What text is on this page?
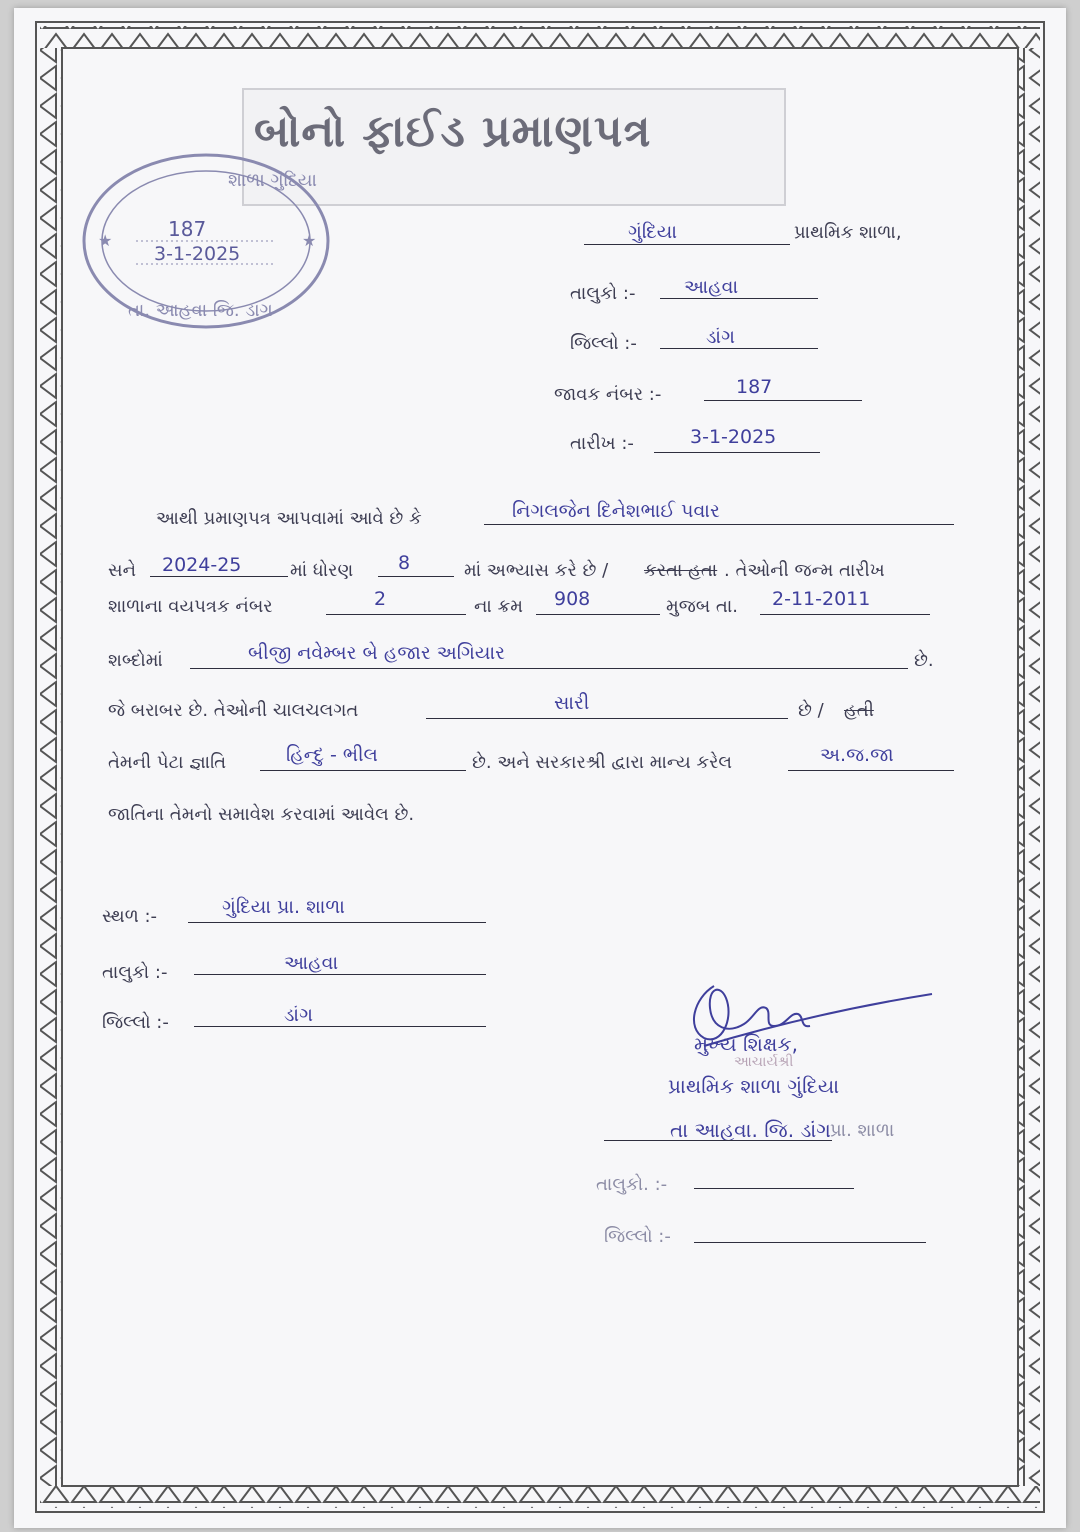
બોનો ફાઈડ પ્રમાણપત્ર
શાળા ગુંદિયા
187
3-1-2025
તા. આહવા જિ. ડાંગ
★	★	ગુંદિયા	પ્રાથમિક શાળા,
તાલુકો :-	આહવા
જિલ્લો :-	ડાંગ
જાવક નંબર :-	187
તારીખ :-	3-1-2025
આથી પ્રમાણપત્ર આપવામાં આવે છે કે	નિગલજેન દિનેશભાઈ પવાર
સને 2024-25	માં ધોરણ 8	માં અભ્યાસ કરે છે / કરતા હતા . તેઓની જન્મ તારીખ
શાળાના વયપત્રક નંબર	2	ના ક્રમ 908	મુજબ તા. 2-11-2011
શબ્દોમાં	બીજી નવેમ્બર બે હજાર અગિયાર	છે.
જે બરાબર છે. તેઓની ચાલચલગત	સારી	છે / હતી
તેમની પેટા જ્ઞાતિ	હિન્દુ - ભીલ	છે. અને સરકારશ્રી દ્વારા માન્ય કરેલ	અ.જ.જા
જાતિના તેમનો સમાવેશ કરવામાં આવેલ છે.
સ્થળ :-	ગુંદિયા પ્રા. શાળા
તાલુકો :-	આહવા
જિલ્લો :-	ડાંગ
મુખ્ય શિક્ષક,
આચાર્યશ્રી
પ્રાથમિક શાળા ગુંદિયા
તા આહવા. જિ. ડાંગ પ્રા. શાળા
તાલુકો. :-
જિલ્લો :-
